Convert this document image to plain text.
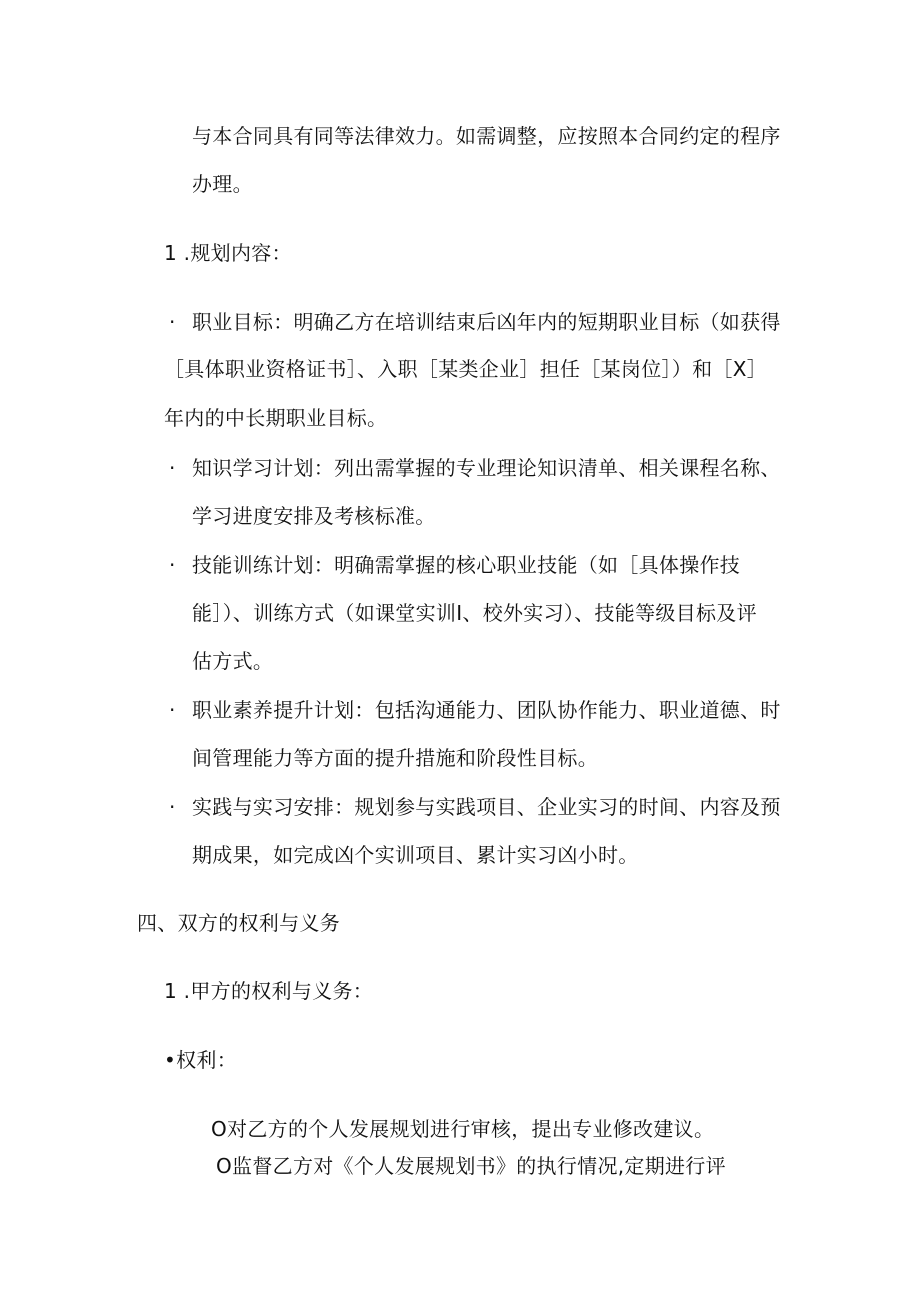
与本合同具有同等法律效力。如需调整，应按照本合同约定的程序
办理。
1 .规划内容：
· 职业目标：明确乙方在培训结束后凶年内的短期职业目标（如获得
［具体职业资格证书］、入职［某类企业］担任［某岗位］）和［X］
年内的中长期职业目标。
· 知识学习计划：列出需掌握的专业理论知识清单、相关课程名称、
学习进度安排及考核标准。
· 技能训练计划：明确需掌握的核心职业技能（如［具体操作技
能］）、训练方式（如课堂实训I、校外实习）、技能等级目标及评
估方式。
· 职业素养提升计划：包括沟通能力、团队协作能力、职业道德、时
间管理能力等方面的提升措施和阶段性目标。
· 实践与实习安排：规划参与实践项目、企业实习的时间、内容及预
期成果，如完成凶个实训项目、累计实习凶小时。
四、双方的权利与义务
1 .甲方的权利与义务：
•权利：
O对乙方的个人发展规划进行审核，提出专业修改建议。
O监督乙方对《个人发展规划书》的执行情况,定期进行评
